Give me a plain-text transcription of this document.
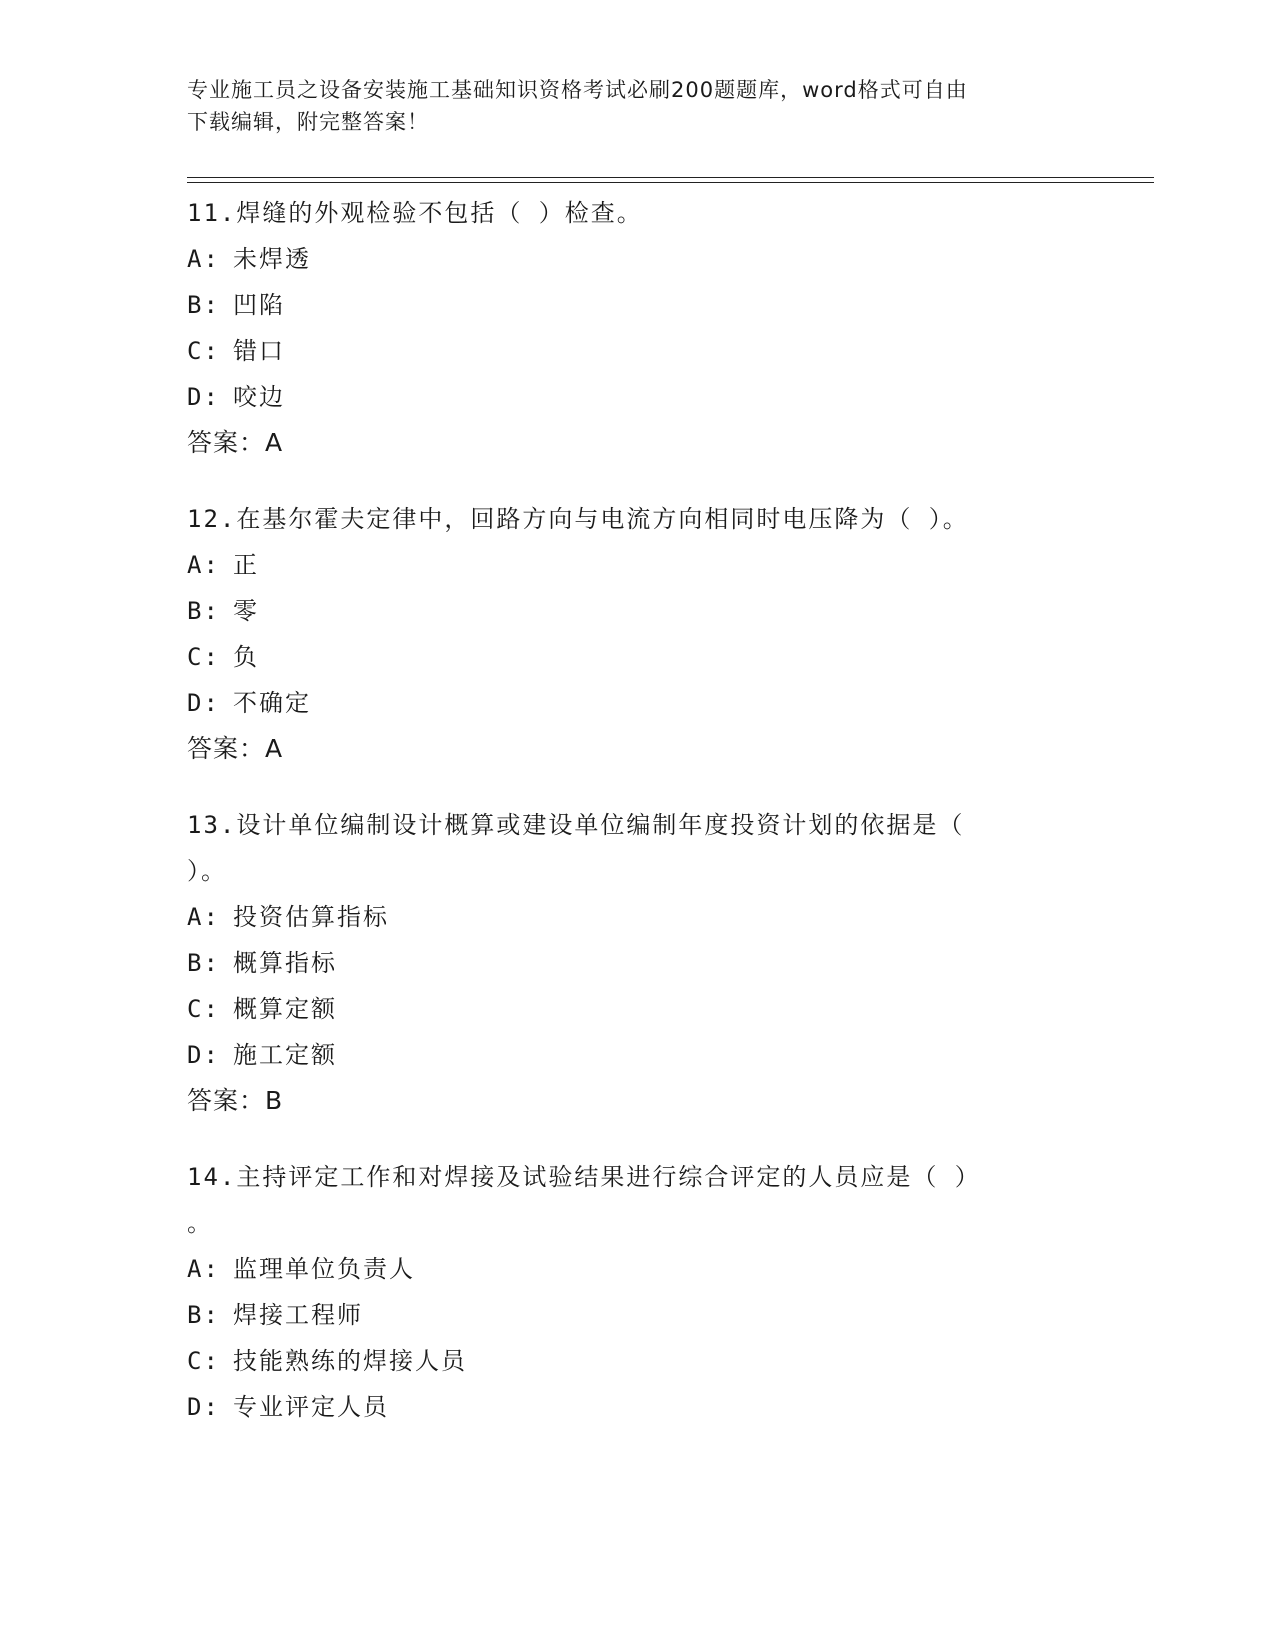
专业施工员之设备安装施工基础知识资格考试必刷200题题库，word格式可自由
下载编辑，附完整答案！
11.焊缝的外观检验不包括（ ）检查。
A: 未焊透
B: 凹陷
C: 错口
D: 咬边
答案：A
12.在基尔霍夫定律中，回路方向与电流方向相同时电压降为（ ）。
A: 正
B: 零
C: 负
D: 不确定
答案：A
13.设计单位编制设计概算或建设单位编制年度投资计划的依据是（
）。
A: 投资估算指标
B: 概算指标
C: 概算定额
D: 施工定额
答案：B
14.主持评定工作和对焊接及试验结果进行综合评定的人员应是（ ）
。
A: 监理单位负责人
B: 焊接工程师
C: 技能熟练的焊接人员
D: 专业评定人员
